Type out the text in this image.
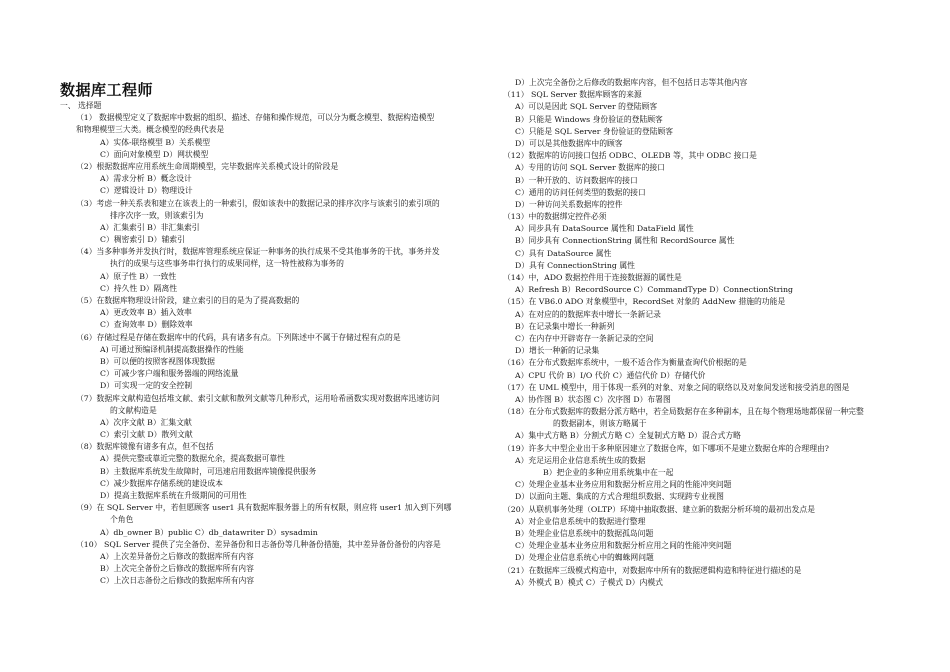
数据库工程师
一、 选择题
（1） 数据模型定义了数据库中数据的组织、描述、存储和操作规范，可以分为概念模型、数据构造模型
和物理模型三大类。概念模型的经典代表是
A）实体-联络模型 B）关系模型
C）面向对象模型 D）网状模型
（2）根据数据库应用系统生命周期模型，完毕数据库关系模式设计的阶段是
A）需求分析 B）概念设计
C）逻辑设计 D）物理设计
（3）考虑一种关系表和建立在该表上的一种索引，假如该表中的数据记录的排序次序与该索引的索引项的
排序次序一致，则该索引为
A）汇集索引 B）非汇集索引
C）稠密索引 D）辅索引
（4）当多种事务并发执行时，数据库管理系统应保证一种事务的执行成果不受其他事务的干扰，事务并发
执行的成果与这些事务串行执行的成果同样，这一特性被称为事务的
A）原子性 B）一致性
C）持久性 D）隔离性
（5）在数据库物理设计阶段，建立索引的目的是为了提高数据的
A）更改效率 B）插入效率
C）查询效率 D）删除效率
（6）存储过程是存储在数据库中的代码，具有诸多有点。下列陈述中不属于存储过程有点的是
A) 可通过预编译机制提高数据操作的性能
B）可以便的按照客视图体现数据
C）可减少客户端和服务器端的网络流量
D）可实现一定的安全控制
（7）数据库文献构造包括堆文献、索引文献和散列文献等几种形式，运用哈希函数实现对数据库迅速访问
的文献构造是
A）次序文献 B）汇集文献
C）索引文献 D）散列文献
（8）数据库镜像有诸多有点，但不包括
A）提供完整或靠近完整的数据允余，提高数据可靠性
B）主数据库系统发生故障时，可迅速启用数据库镜像提供服务
C）减少数据库存储系统的建设成本
D）提高主数据库系统在升级期间的可用性
（9）在 SQL Server 中，若但愿顾客 user1 具有数据库服务器上的所有权限，则应将 user1 加入到下列哪
个角色
A）db_owner B）public C）db_datawriter D）sysadmin
（10） SQL Server 提供了完全备份、差异备份和日志备份等几种备份措施，其中差异备份备份的内容是
A）上次差异备份之后修改的数据库所有内容
B）上次完全备份之后修改的数据库所有内容
C）上次日志备份之后修改的数据库所有内容
D）上次完全备份之后修改的数据库内容，但不包括日志等其他内容
（11） SQL Server 数据库顾客的来源
A）可以是因此 SQL Server 的登陆顾客
B）只能是 Windows 身份验证的登陆顾客
C）只能是 SQL Server 身份验证的登陆顾客
D）可以是其他数据库中的顾客
（12）数据库的访问接口包括 ODBC、OLEDB 等，其中 ODBC 接口是
A）专用的访问 SQL Server 数据库的接口
B）一种开放的、访问数据库的接口
C）通用的访问任何类型的数据的接口
D）一种访问关系数据库的控件
（13）中的数据绑定控件必须
A）同步具有 DataSource 属性和 DataField 属性
B）同步具有 ConnectionString 属性和 RecordSource 属性
C）具有 DataSource 属性
D）具有 ConnectionString 属性
（14）中，ADO 数据控件用于连接数据源的属性是
A）Refresh B）RecordSource C）CommandType D）ConnectionString
（15）在 VB6.0 ADO 对象模型中，RecordSet 对象的 AddNew 措施的功能是
A）在对应的的数据库表中增长一条新记录
B）在记录集中增长一种新列
C）在内存中开辟寄存一条新记录的空间
D）增长一种新的记录集
（16）在分布式数据库系统中，一般不适合作为衡量查询代价根据的是
A）CPU 代价 B）I/O 代价 C）通信代价 D）存储代价
（17）在 UML 模型中，用于体现一系列的对象、对象之间的联络以及对象间发送和接受消息的图是
A）协作图 B）状态图 C）次序图 D）布署图
（18）在分布式数据库的数据分派方略中，若全局数据存在多种副本，且在每个物理场地都保留一种完整
的数据副本，则该方略属于
A）集中式方略 B）分割式方略 C）全复制式方略 D）混合式方略
（19）许多大中型企业出于多种原因建立了数据仓库，如下哪项不是建立数据仓库的合理理由?
A）充足运用企业信息系统生成的数据
B）把企业的多种应用系统集中在一起
C）处理企业基本业务应用和数据分析应用之间的性能冲突问题
D）以面向主题、集成的方式合理组织数据、实现跨专业视图
（20）从联机事务处理（OLTP）环境中抽取数据、建立新的数据分析环境的最初出发点是
A）对企业信息系统中的数据进行整理
B）处理企业信息系统中的数据孤岛问题
C）处理企业基本业务应用和数据分析应用之间的性能冲突问题
D）处理企业信息系统心中的蜘蛛网问题
（21）在数据库三级模式构造中，对数据库中所有的数据逻辑构造和特征进行描述的是
A）外模式 B）模式 C）子模式 D）内模式
